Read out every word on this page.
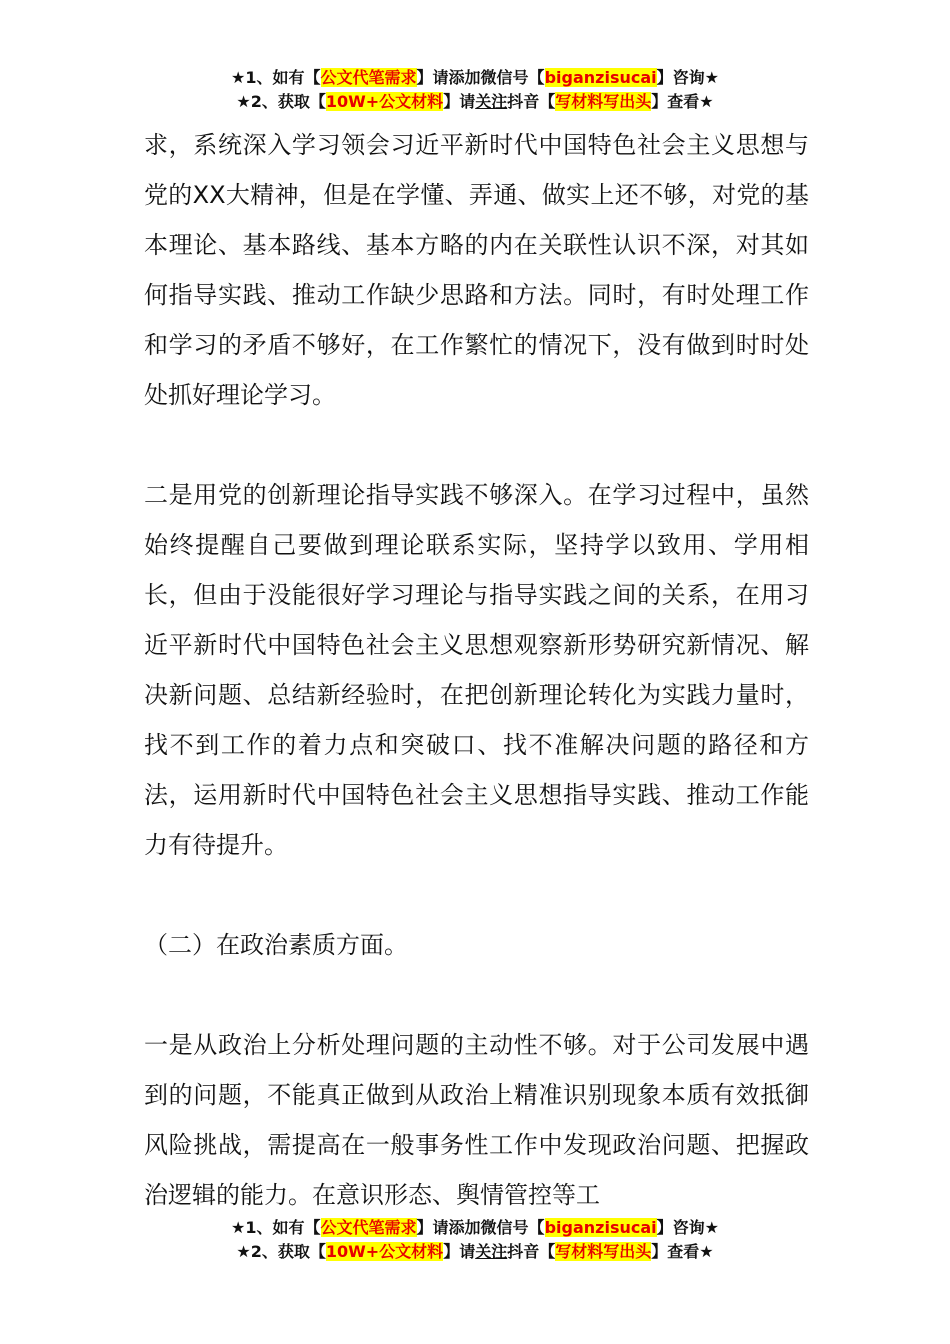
★1、如有【公文代笔需求】请添加微信号【biganzisucai】咨询★
★2、获取【10W+公文材料】请关注抖音【写材料写出头】查看★

求，系统深入学习领会习近平新时代中国特色社会主义思想与党的XX大精神，但是在学懂、弄通、做实上还不够，对党的基本理论、基本路线、基本方略的内在关联性认识不深，对其如何指导实践、推动工作缺少思路和方法。同时，有时处理工作和学习的矛盾不够好，在工作繁忙的情况下，没有做到时时处处抓好理论学习。

二是用党的创新理论指导实践不够深入。在学习过程中，虽然始终提醒自己要做到理论联系实际，坚持学以致用、学用相长，但由于没能很好学习理论与指导实践之间的关系，在用习近平新时代中国特色社会主义思想观察新形势研究新情况、解决新问题、总结新经验时，在把创新理论转化为实践力量时，找不到工作的着力点和突破口、找不准解决问题的路径和方法，运用新时代中国特色社会主义思想指导实践、推动工作能力有待提升。

（二）在政治素质方面。

一是从政治上分析处理问题的主动性不够。对于公司发展中遇到的问题，不能真正做到从政治上精准识别现象本质有效抵御风险挑战，需提高在一般事务性工作中发现政治问题、把握政治逻辑的能力。在意识形态、舆情管控等工

★1、如有【公文代笔需求】请添加微信号【biganzisucai】咨询★
★2、获取【10W+公文材料】请关注抖音【写材料写出头】查看★
